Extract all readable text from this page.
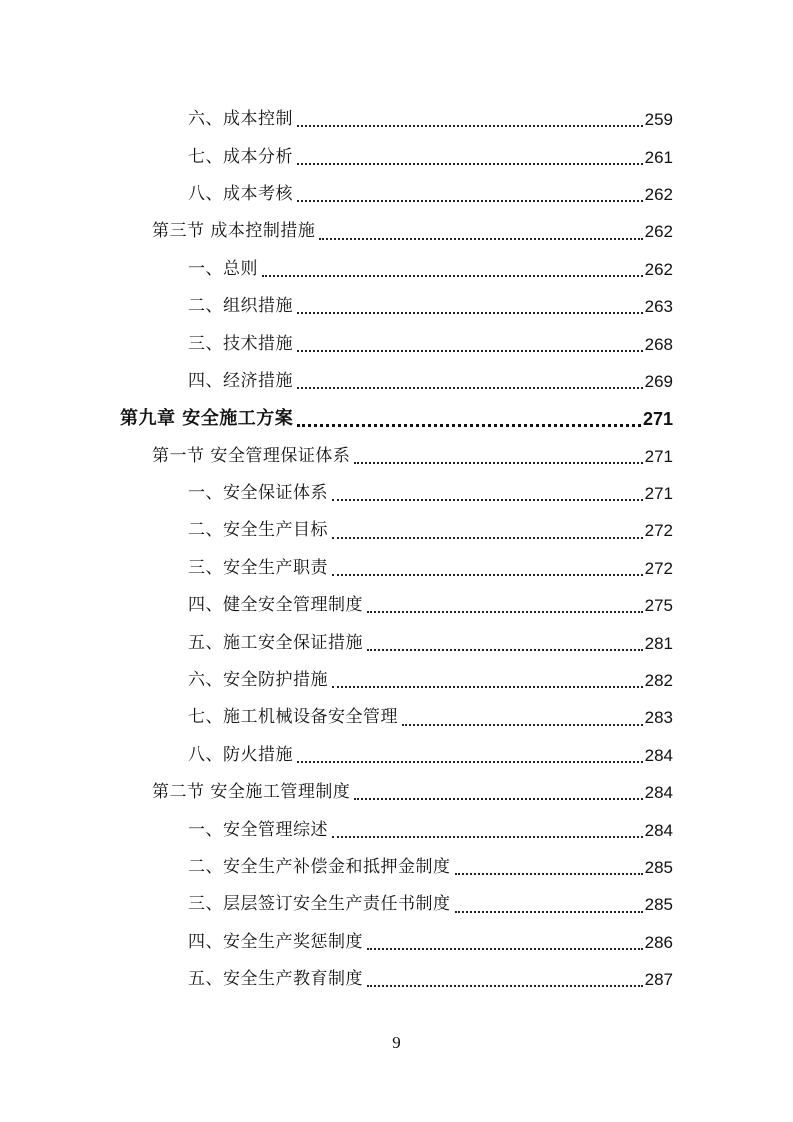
六、成本控制	259
七、成本分析	261
八、成本考核	262
第三节 成本控制措施	262
一、总则	262
二、组织措施	263
三、技术措施	268
四、经济措施	269
第九章 安全施工方案	271
第一节 安全管理保证体系	271
一、安全保证体系	271
二、安全生产目标	272
三、安全生产职责	272
四、健全安全管理制度	275
五、施工安全保证措施	281
六、安全防护措施	282
七、施工机械设备安全管理	283
八、防火措施	284
第二节 安全施工管理制度	284
一、安全管理综述	284
二、安全生产补偿金和抵押金制度	285
三、层层签订安全生产责任书制度	285
四、安全生产奖惩制度	286
五、安全生产教育制度	287
9
